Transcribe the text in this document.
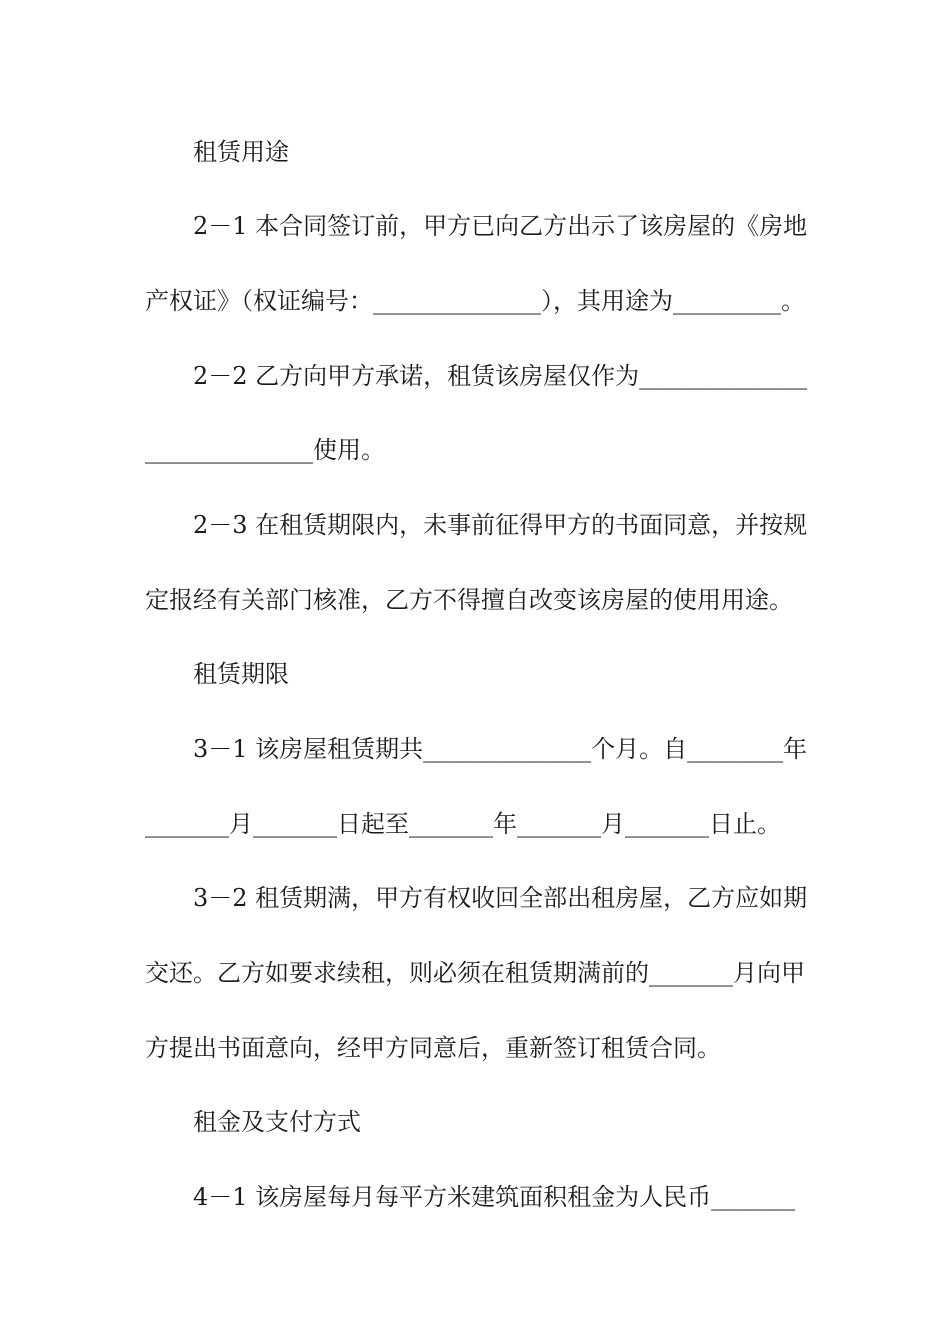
租赁用途
2－1 本合同签订前，甲方已向乙方出示了该房屋的《房地
产权证》（权证编号：______________），其用途为_________。
2－2 乙方向甲方承诺，租赁该房屋仅作为______________
______________使用。
2－3 在租赁期限内，未事前征得甲方的书面同意，并按规
定报经有关部门核准，乙方不得擅自改变该房屋的使用用途。
租赁期限
3－1 该房屋租赁期共______________个月。自________年
_______月_______日起至_______年_______月_______日止。
3－2 租赁期满，甲方有权收回全部出租房屋，乙方应如期
交还。乙方如要求续租，则必须在租赁期满前的_______月向甲
方提出书面意向，经甲方同意后，重新签订租赁合同。
租金及支付方式
4－1 该房屋每月每平方米建筑面积租金为人民币_______
